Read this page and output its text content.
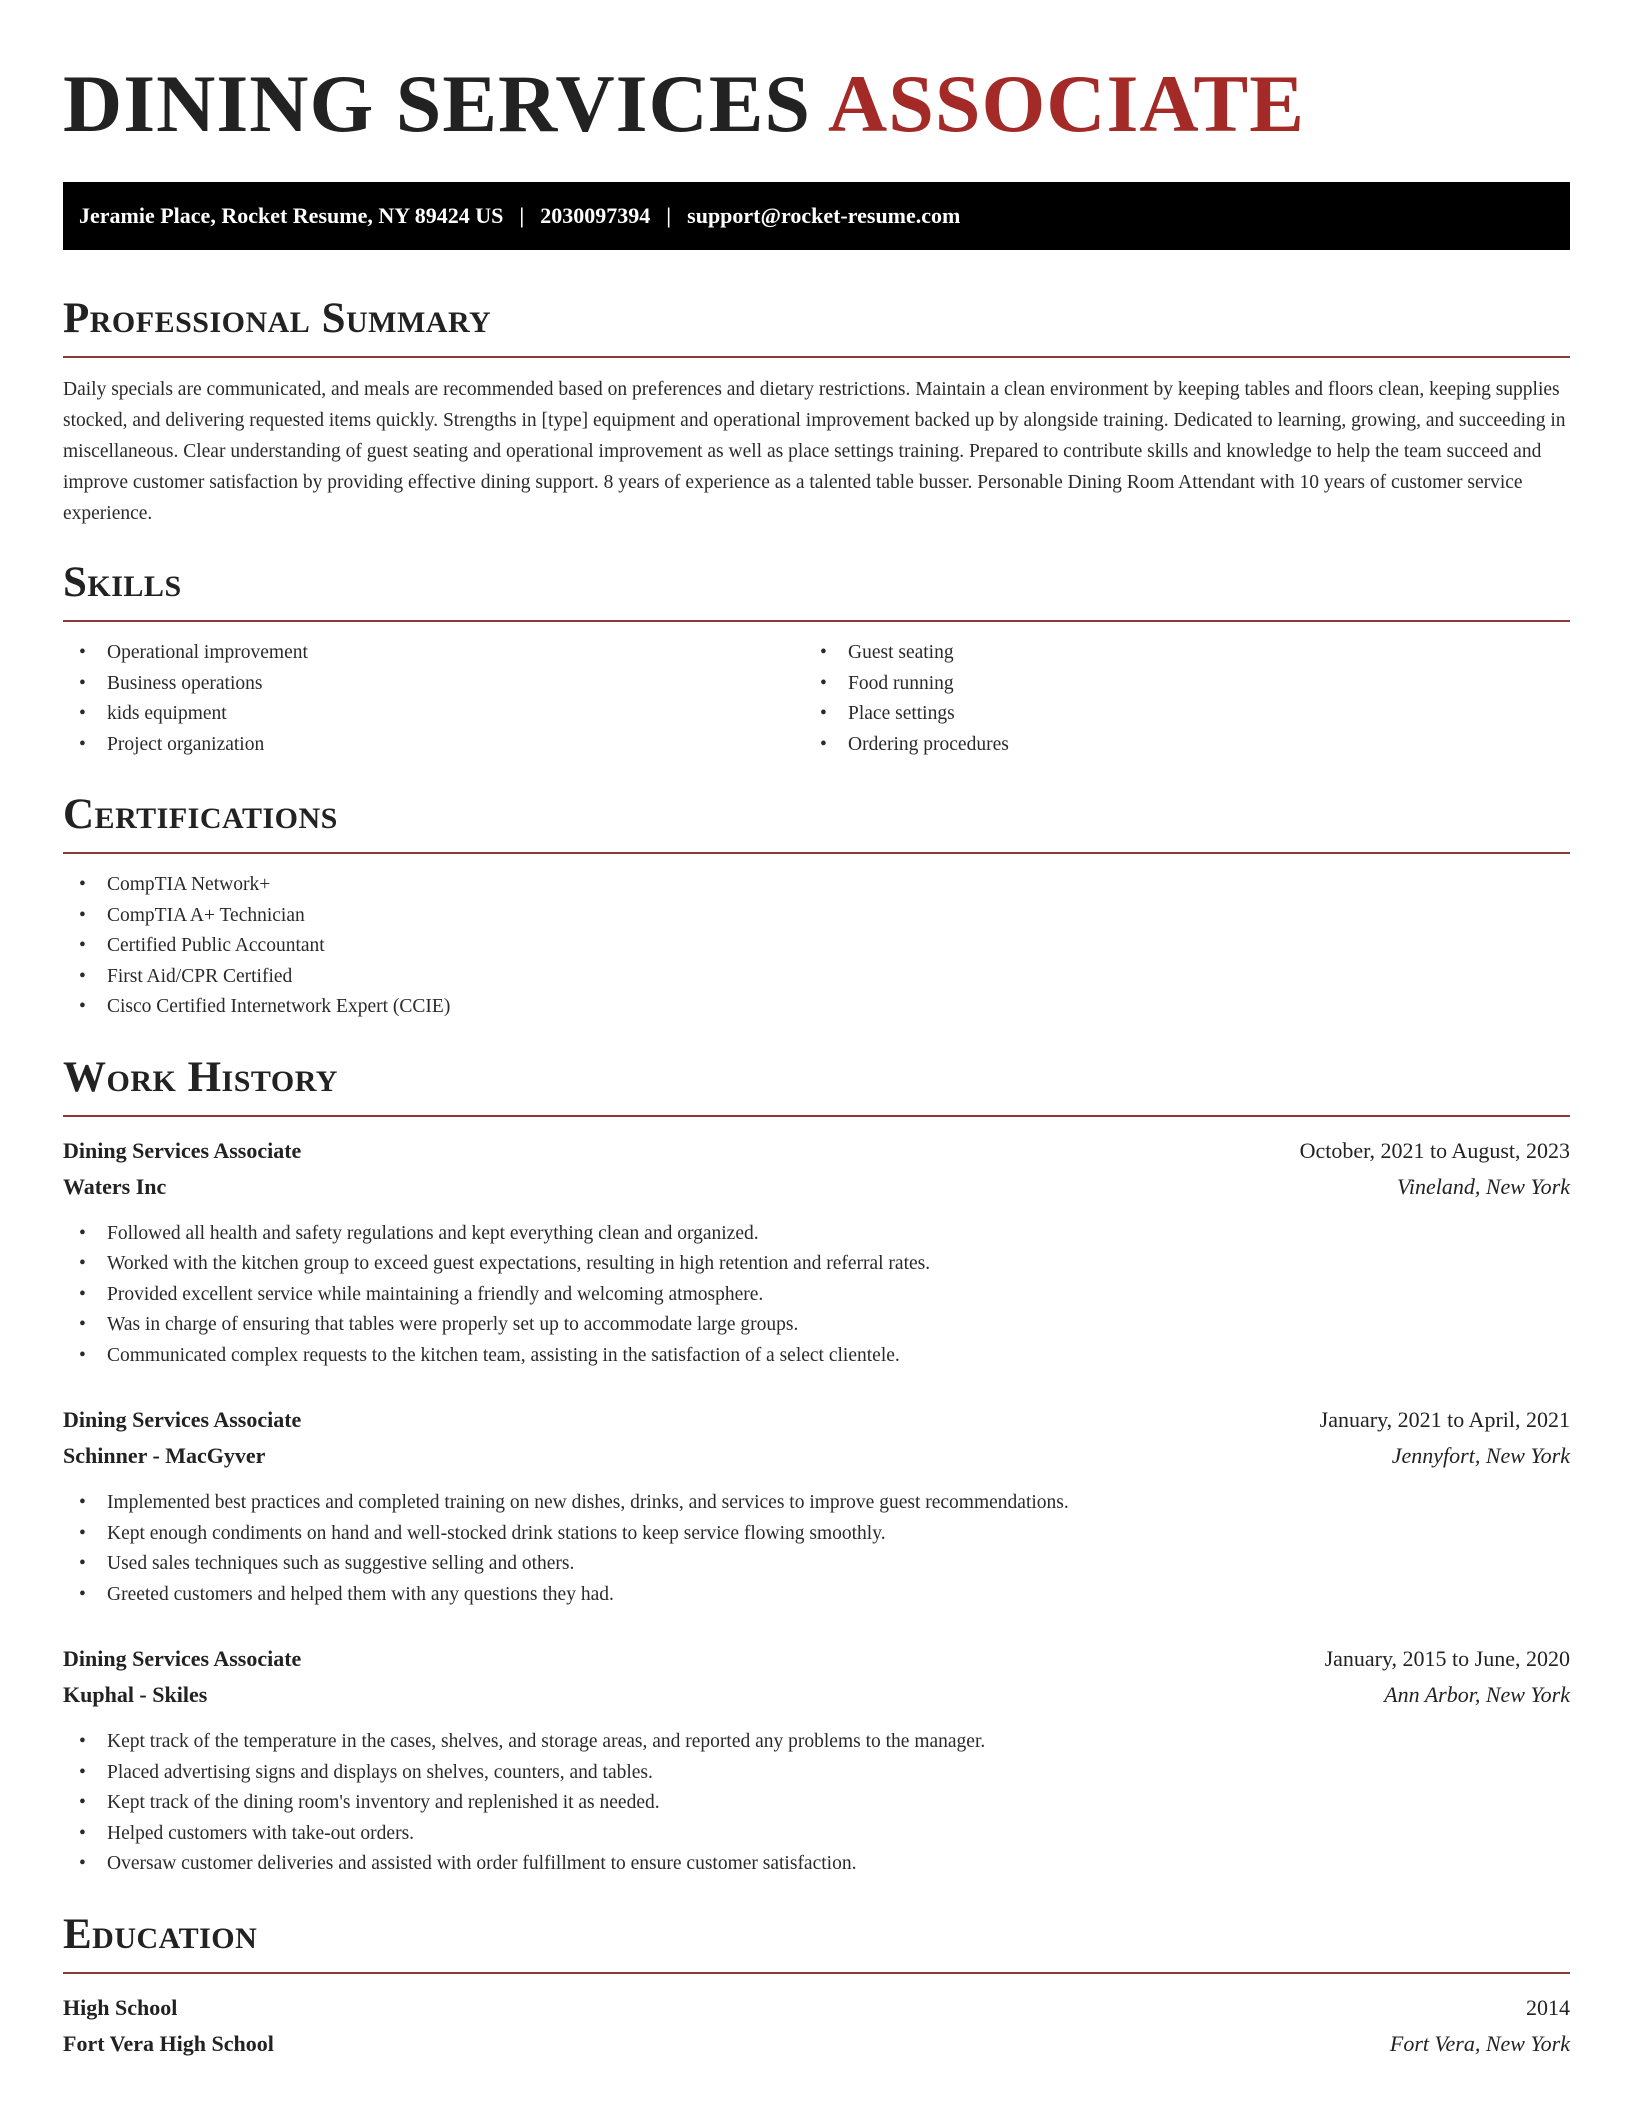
DINING SERVICES ASSOCIATE
Jeramie Place, Rocket Resume, NY 89424 US | 2030097394 | support@rocket-resume.com
Professional Summary

Daily specials are communicated, and meals are recommended based on preferences and dietary restrictions. Maintain a clean environment by keeping tables and floors clean, keeping supplies stocked, and delivering requested items quickly. Strengths in [type] equipment and operational improvement backed up by alongside training. Dedicated to learning, growing, and succeeding in miscellaneous. Clear understanding of guest seating and operational improvement as well as place settings training. Prepared to contribute skills and knowledge to help the team succeed and improve customer satisfaction by providing effective dining support. 8 years of experience as a talented table busser. Personable Dining Room Attendant with 10 years of customer service experience.

Skills
• Operational improvement
• Business operations
• kids equipment
• Project organization
• Guest seating
• Food running
• Place settings
• Ordering procedures
Certifications
• CompTIA Network+
• CompTIA A+ Technician
• Certified Public Accountant
• First Aid/CPR Certified
• Cisco Certified Internetwork Expert (CCIE)
Work History
Dining Services Associate	October, 2021 to August, 2023
Waters Inc	Vineland, New York
• Followed all health and safety regulations and kept everything clean and organized.
• Worked with the kitchen group to exceed guest expectations, resulting in high retention and referral rates.
• Provided excellent service while maintaining a friendly and welcoming atmosphere.
• Was in charge of ensuring that tables were properly set up to accommodate large groups.
• Communicated complex requests to the kitchen team, assisting in the satisfaction of a select clientele.
Dining Services Associate	January, 2021 to April, 2021
Schinner - MacGyver	Jennyfort, New York
• Implemented best practices and completed training on new dishes, drinks, and services to improve guest recommendations.
• Kept enough condiments on hand and well-stocked drink stations to keep service flowing smoothly.
• Used sales techniques such as suggestive selling and others.
• Greeted customers and helped them with any questions they had.
Dining Services Associate	January, 2015 to June, 2020
Kuphal - Skiles	Ann Arbor, New York
• Kept track of the temperature in the cases, shelves, and storage areas, and reported any problems to the manager.
• Placed advertising signs and displays on shelves, counters, and tables.
• Kept track of the dining room's inventory and replenished it as needed.
• Helped customers with take-out orders.
• Oversaw customer deliveries and assisted with order fulfillment to ensure customer satisfaction.
Education
High School	2014
Fort Vera High School	Fort Vera, New York
